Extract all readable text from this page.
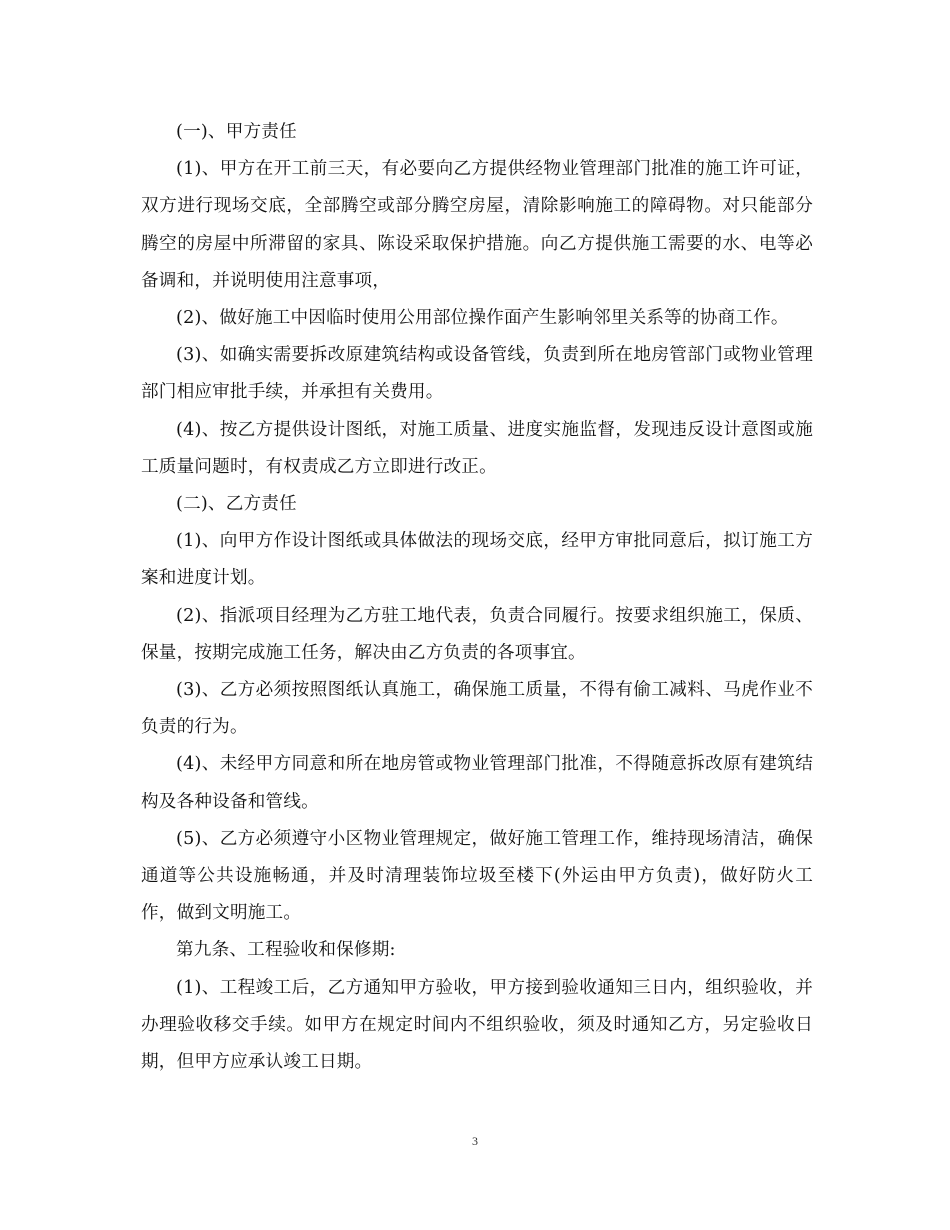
(一)、甲方责任

(1)、甲方在开工前三天，有必要向乙方提供经物业管理部门批准的施工许可证，双方进行现场交底，全部腾空或部分腾空房屋，清除影响施工的障碍物。对只能部分腾空的房屋中所滞留的家具、陈设采取保护措施。向乙方提供施工需要的水、电等必备调和，并说明使用注意事项，

(2)、做好施工中因临时使用公用部位操作面产生影响邻里关系等的协商工作。

(3)、如确实需要拆改原建筑结构或设备管线，负责到所在地房管部门或物业管理部门相应审批手续，并承担有关费用。

(4)、按乙方提供设计图纸，对施工质量、进度实施监督，发现违反设计意图或施工质量问题时，有权责成乙方立即进行改正。

(二)、乙方责任

(1)、向甲方作设计图纸或具体做法的现场交底，经甲方审批同意后，拟订施工方案和进度计划。

(2)、指派项目经理为乙方驻工地代表，负责合同履行。按要求组织施工，保质、保量，按期完成施工任务，解决由乙方负责的各项事宜。

(3)、乙方必须按照图纸认真施工，确保施工质量，不得有偷工减料、马虎作业不负责的行为。

(4)、未经甲方同意和所在地房管或物业管理部门批准，不得随意拆改原有建筑结构及各种设备和管线。

(5)、乙方必须遵守小区物业管理规定，做好施工管理工作，维持现场清洁，确保通道等公共设施畅通，并及时清理装饰垃圾至楼下(外运由甲方负责)，做好防火工作，做到文明施工。

第九条、工程验收和保修期:

(1)、工程竣工后，乙方通知甲方验收，甲方接到验收通知三日内，组织验收，并办理验收移交手续。如甲方在规定时间内不组织验收，须及时通知乙方，另定验收日期，但甲方应承认竣工日期。

3
